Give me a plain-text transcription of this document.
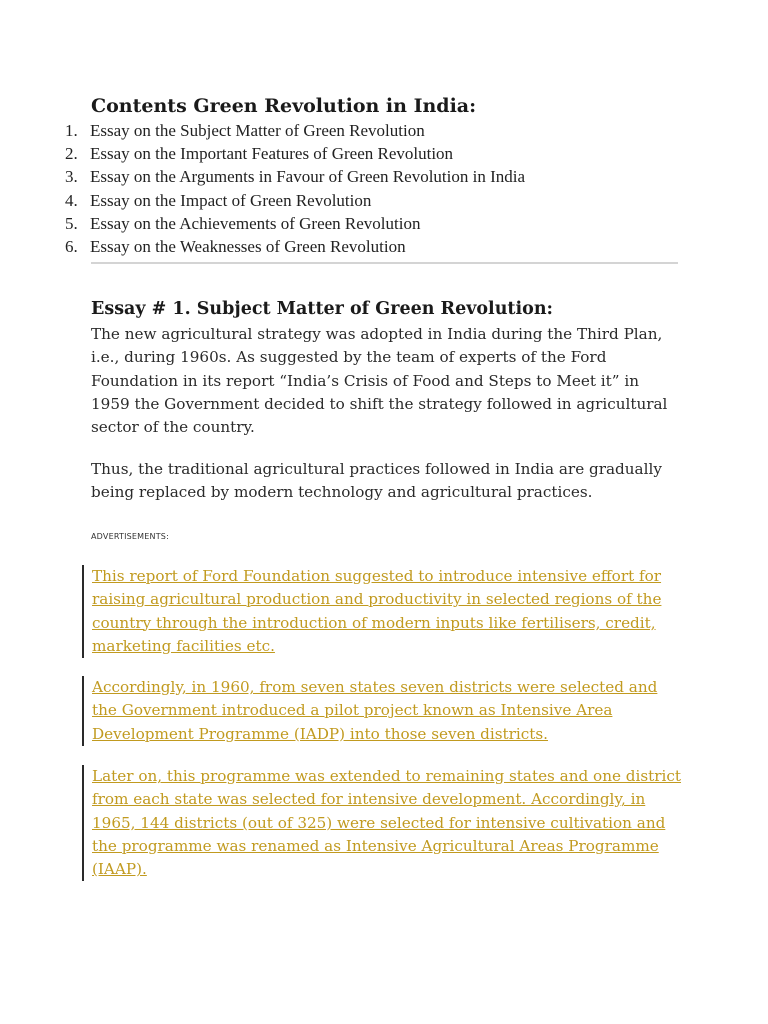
Contents Green Revolution in India:
1. Essay on the Subject Matter of Green Revolution
2. Essay on the Important Features of Green Revolution
3. Essay on the Arguments in Favour of Green Revolution in India
4. Essay on the Impact of Green Revolution
5. Essay on the Achievements of Green Revolution
6. Essay on the Weaknesses of Green Revolution
Essay # 1. Subject Matter of Green Revolution:
The new agricultural strategy was adopted in India during the Third Plan,
i.e., during 1960s. As suggested by the team of experts of the Ford
Foundation in its report “India’s Crisis of Food and Steps to Meet it” in
1959 the Government decided to shift the strategy followed in agricultural
sector of the country.
Thus, the traditional agricultural practices followed in India are gradually
being replaced by modern technology and agricultural practices.
ADVERTISEMENTS:
This report of Ford Foundation suggested to introduce intensive effort for
raising agricultural production and productivity in selected regions of the
country through the introduction of modern inputs like fertilisers, credit,
marketing facilities etc.
Accordingly, in 1960, from seven states seven districts were selected and
the Government introduced a pilot project known as Intensive Area
Development Programme (IADP) into those seven districts.
Later on, this programme was extended to remaining states and one district
from each state was selected for intensive development. Accordingly, in
1965, 144 districts (out of 325) were selected for intensive cultivation and
the programme was renamed as Intensive Agricultural Areas Programme
(IAAP).
